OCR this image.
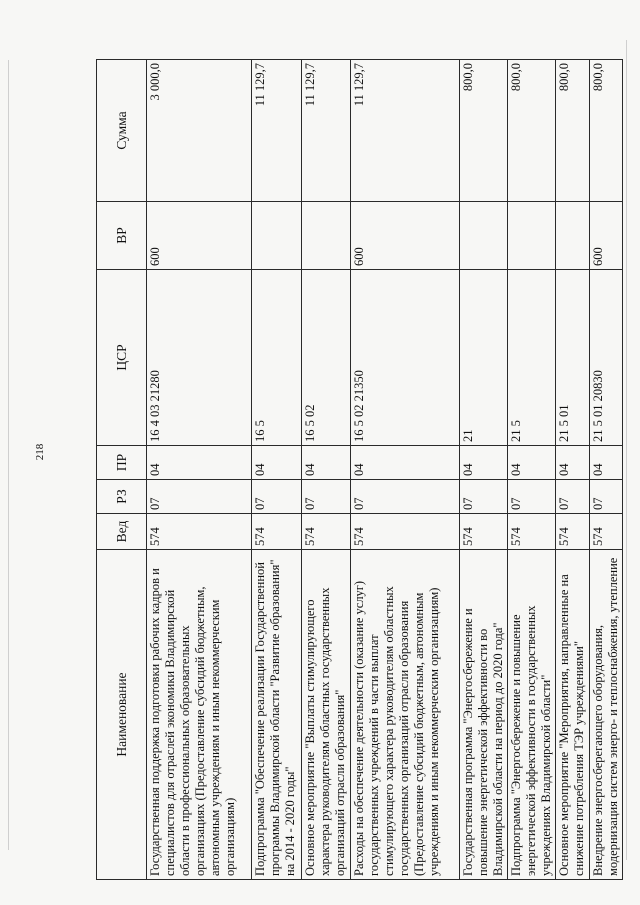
218
Наименование	Вед	РЗ	ПР	ЦСР	ВР	Сумма
Государственная поддержка подготовки рабочих кадров и специалистов для отраслей экономики Владимирской области в профессиональных образовательных организациях (Предоставление субсидий бюджетным, автономным учреждениям и иным некоммерческим организациям)	574	07	04	16 4 03 21280	600	3 000,0
Подпрограмма "Обеспечение реализации Государственной программы Владимирской области "Развитие образования" на 2014 - 2020 годы"	574	07	04	16 5		11 129,7
Основное мероприятие "Выплаты стимулирующего характера руководителям областных государственных организаций отрасли образования"	574	07	04	16 5 02		11 129,7
Расходы на обеспечение деятельности (оказание услуг) государственных учреждений в части выплат стимулирующего характера руководителям областных государственных организаций отрасли образования (Предоставление субсидий бюджетным, автономным учреждениям и иным некоммерческим организациям)	574	07	04	16 5 02 21350	600	11 129,7
Государственная программа "Энергосбережение и повышение энергетической эффективности во Владимирской области на период до 2020 года"	574	07	04	21		800,0
Подпрограмма "Энергосбережение и повышение энергетической эффективности в государственных учреждениях Владимирской области"	574	07	04	21 5		800,0
Основное мероприятие "Мероприятия, направленные на снижение потребления ТЭР учреждениями"	574	07	04	21 5 01		800,0
Внедрение энергосберегающего оборудования, модернизация систем энерго- и теплоснабжения, утепление	574	07	04	21 5 01 20830	600	800,0
